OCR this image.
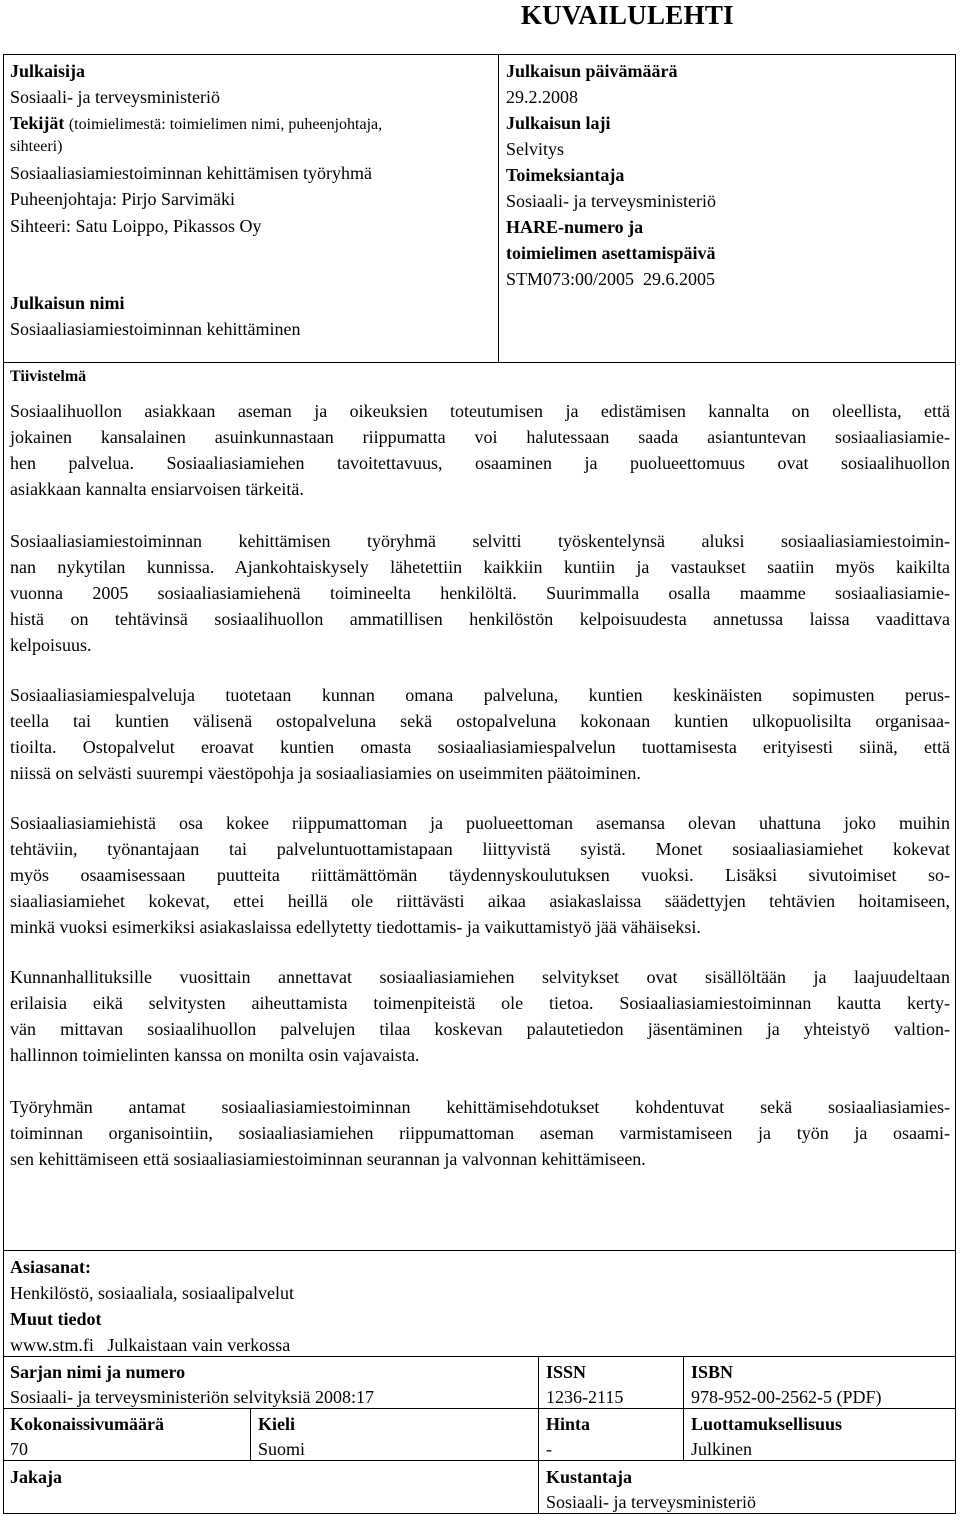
KUVAILULEHTI
Julkaisija
Sosiaali- ja terveysministeriö
Tekijät (toimielimestä: toimielimen nimi, puheenjohtaja,
sihteeri)
Sosiaaliasiamiestoiminnan kehittämisen työryhmä
Puheenjohtaja: Pirjo Sarvimäki
Sihteeri: Satu Loippo, Pikassos Oy
Julkaisun nimi
Sosiaaliasiamiestoiminnan kehittäminen
Julkaisun päivämäärä
29.2.2008
Julkaisun laji
Selvitys
Toimeksiantaja
Sosiaali- ja terveysministeriö
HARE-numero ja
toimielimen asettamispäivä
STM073:00/2005  29.6.2005
Tiivistelmä
Sosiaalihuollon asiakkaan aseman ja oikeuksien toteutumisen ja edistämisen kannalta on oleellista, että
jokainen kansalainen asuinkunnastaan riippumatta voi halutessaan saada asiantuntevan sosiaaliasiamie-
hen palvelua. Sosiaaliasiamiehen tavoitettavuus, osaaminen ja puolueettomuus ovat sosiaalihuollon
asiakkaan kannalta ensiarvoisen tärkeitä.
Sosiaaliasiamiestoiminnan kehittämisen työryhmä selvitti työskentelynsä aluksi sosiaaliasiamiestoimin-
nan nykytilan kunnissa. Ajankohtaiskysely lähetettiin kaikkiin kuntiin ja vastaukset saatiin myös kaikilta
vuonna 2005 sosiaaliasiamiehenä toimineelta henkilöltä. Suurimmalla osalla maamme sosiaaliasiamie-
histä on tehtävinsä sosiaalihuollon ammatillisen henkilöstön kelpoisuudesta annetussa laissa vaadittava
kelpoisuus.
Sosiaaliasiamiespalveluja tuotetaan kunnan omana palveluna, kuntien keskinäisten sopimusten perus-
teella tai kuntien välisenä ostopalveluna sekä ostopalveluna kokonaan kuntien ulkopuolisilta organisaa-
tioilta. Ostopalvelut eroavat kuntien omasta sosiaaliasiamiespalvelun tuottamisesta erityisesti siinä, että
niissä on selvästi suurempi väestöpohja ja sosiaaliasiamies on useimmiten päätoiminen.
Sosiaaliasiamiehistä osa kokee riippumattoman ja puolueettoman asemansa olevan uhattuna joko muihin
tehtäviin, työnantajaan tai palveluntuottamistapaan liittyvistä syistä. Monet sosiaaliasiamiehet kokevat
myös osaamisessaan puutteita riittämättömän täydennyskoulutuksen vuoksi. Lisäksi sivutoimiset so-
siaaliasiamiehet kokevat, ettei heillä ole riittävästi aikaa asiakaslaissa säädettyjen tehtävien hoitamiseen,
minkä vuoksi esimerkiksi asiakaslaissa edellytetty tiedottamis- ja vaikuttamistyö jää vähäiseksi.
Kunnanhallituksille vuosittain annettavat sosiaaliasiamiehen selvitykset ovat sisällöltään ja laajuudeltaan
erilaisia eikä selvitysten aiheuttamista toimenpiteistä ole tietoa. Sosiaaliasiamiestoiminnan kautta kerty-
vän mittavan sosiaalihuollon palvelujen tilaa koskevan palautetiedon jäsentäminen ja yhteistyö valtion-
hallinnon toimielinten kanssa on monilta osin vajavaista.
Työryhmän antamat sosiaaliasiamiestoiminnan kehittämisehdotukset kohdentuvat sekä sosiaaliasiamies-
toiminnan organisointiin, sosiaaliasiamiehen riippumattoman aseman varmistamiseen ja työn ja osaami-
sen kehittämiseen että sosiaaliasiamiestoiminnan seurannan ja valvonnan kehittämiseen.
Asiasanat:
Henkilöstö, sosiaaliala, sosiaalipalvelut
Muut tiedot
www.stm.fi   Julkaistaan vain verkossa
Sarjan nimi ja numero
Sosiaali- ja terveysministeriön selvityksiä 2008:17
ISSN
1236-2115
ISBN
978-952-00-2562-5 (PDF)
Kokonaissivumäärä
70
Kieli
Suomi
Hinta
-
Luottamuksellisuus
Julkinen
Jakaja	Kustantaja
Sosiaali- ja terveysministeriö
